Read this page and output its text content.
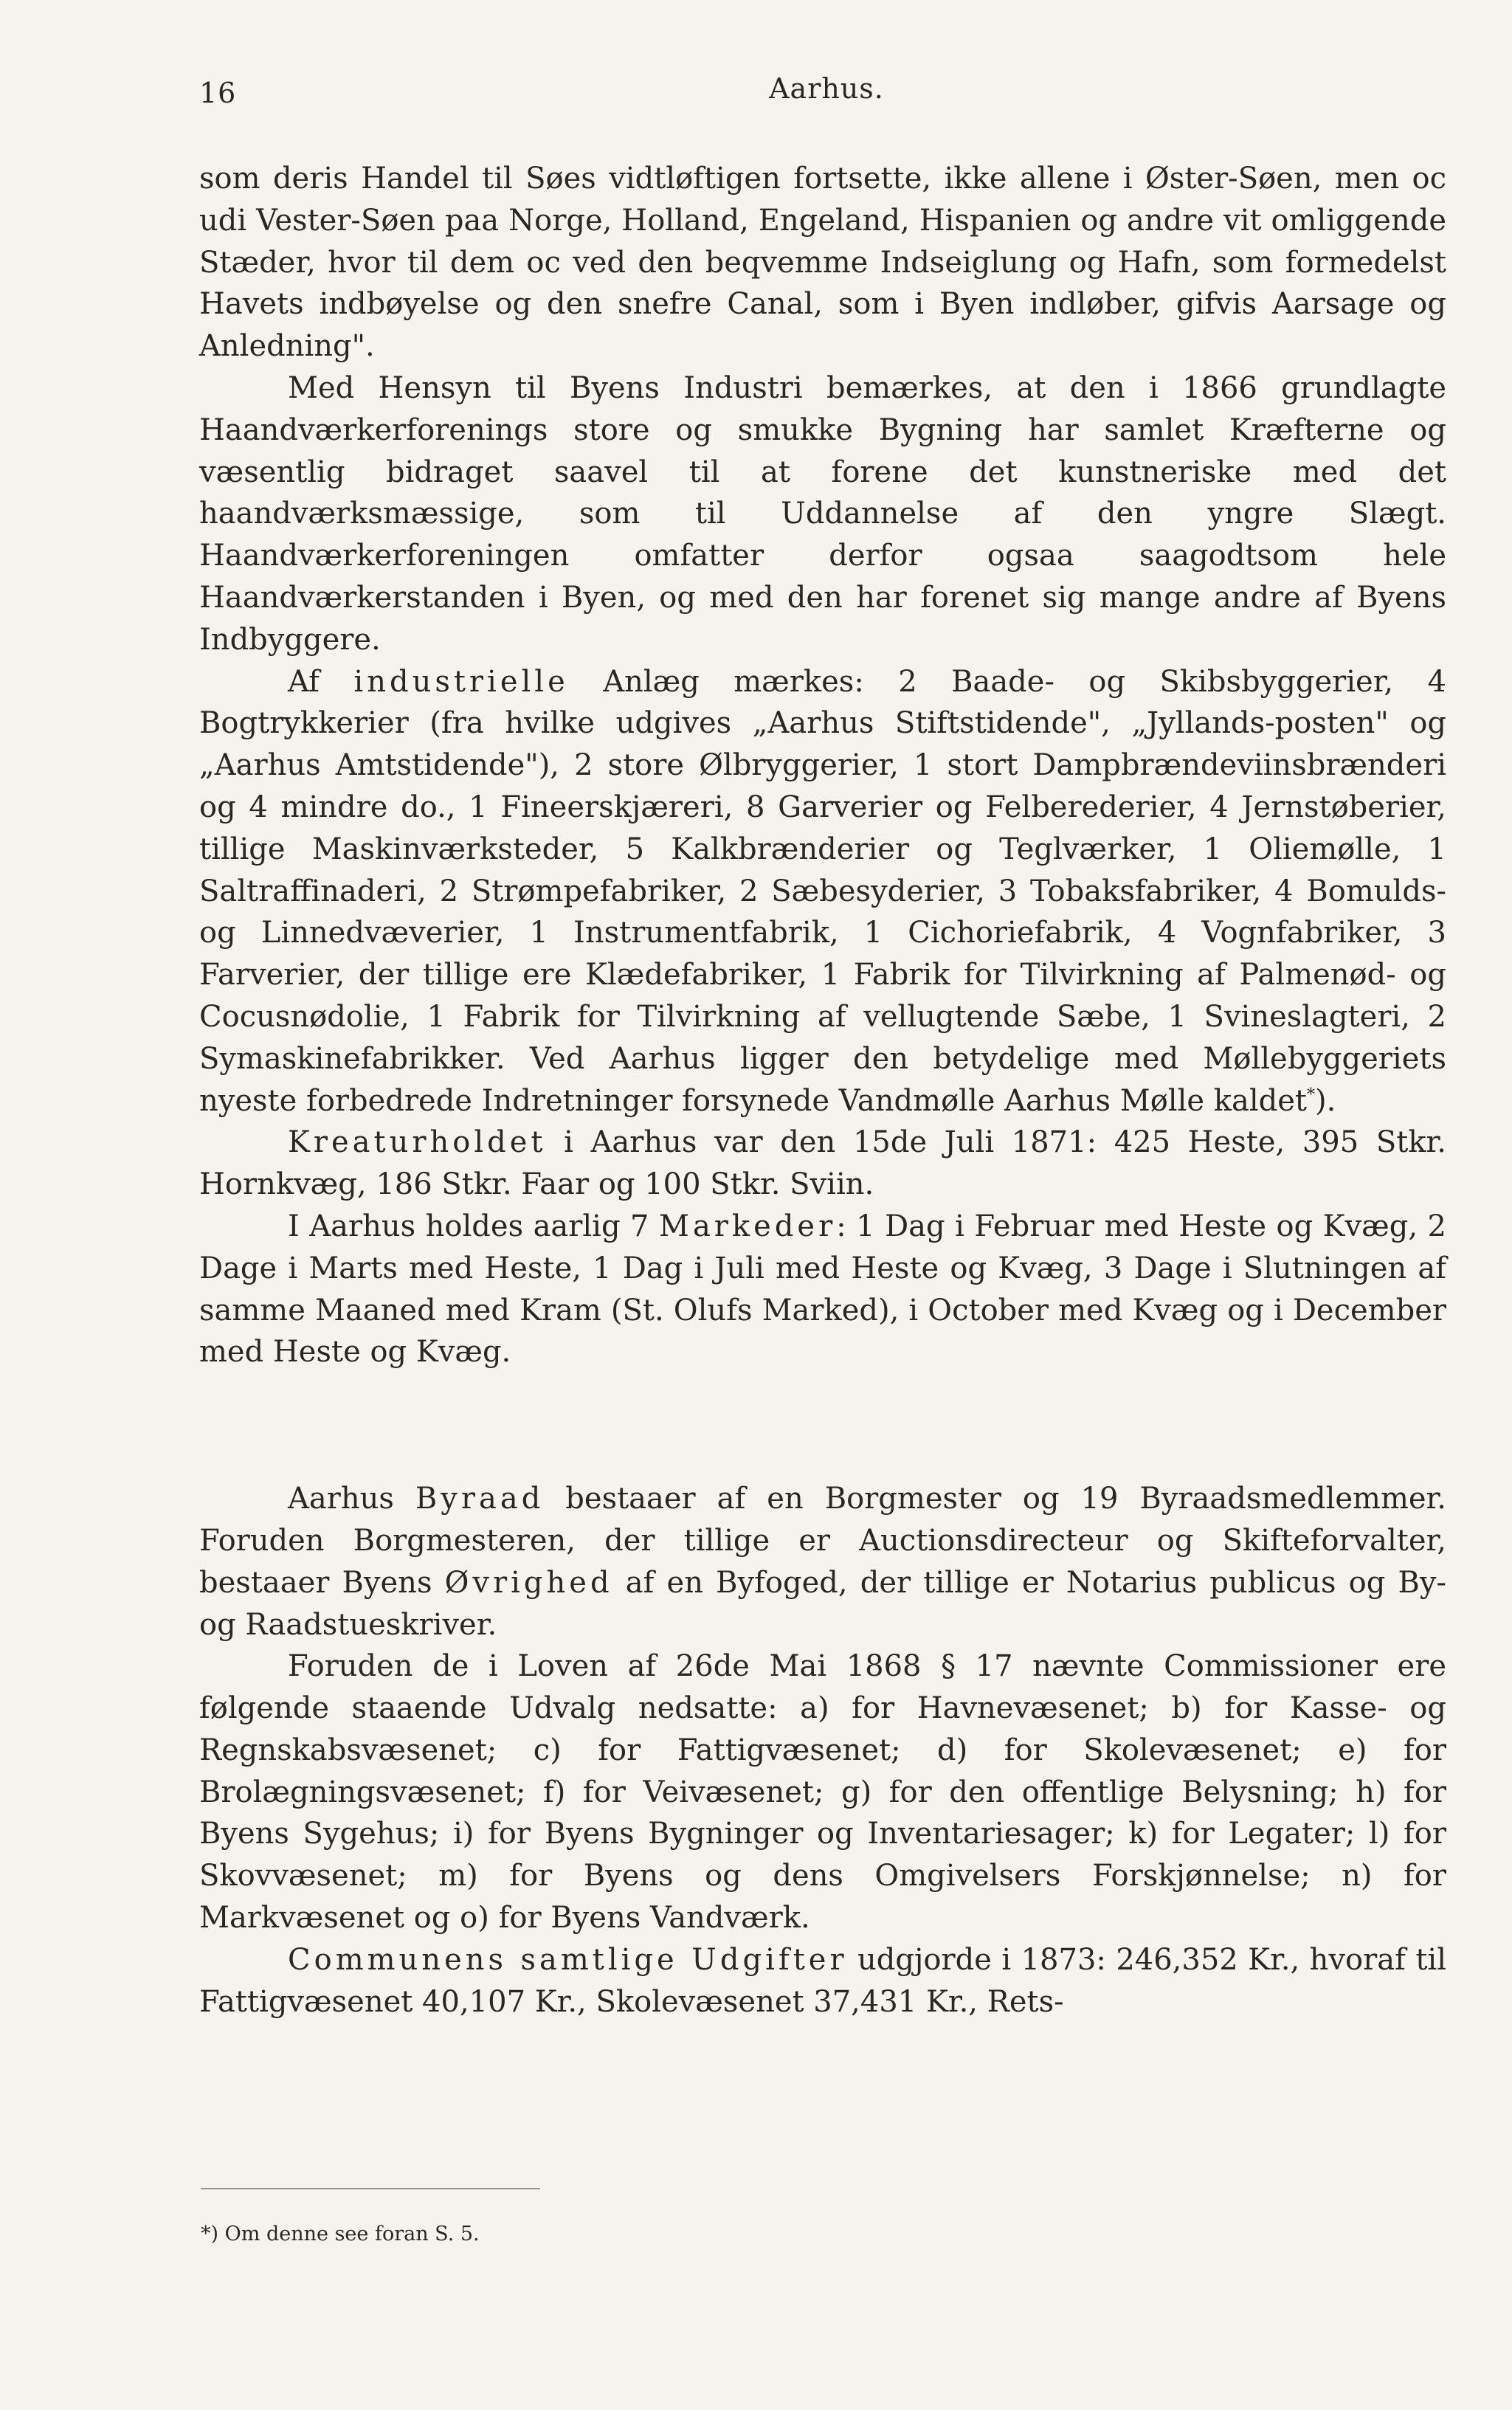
16	Aarhus.

som deris Handel til Søes vidtløftigen fortsette, ikke allene i Øster-Søen, men oc udi Vester-Søen paa Norge, Holland, Engeland, Hispanien og andre vit omliggende Stæder, hvor til dem oc ved den beqvemme Indseiglung og Hafn, som formedelst Havets indbøyelse og den snefre Canal, som i Byen indløber, gifvis Aarsage og Anledning".

Med Hensyn til Byens Industri bemærkes, at den i 1866 grundlagte Haandværkerforenings store og smukke Bygning har samlet Kræfterne og væsentlig bidraget saavel til at forene det kunstneriske med det haandværksmæssige, som til Uddannelse af den yngre Slægt. Haandværkerforeningen omfatter derfor ogsaa saagodtsom hele Haandværkerstanden i Byen, og med den har forenet sig mange andre af Byens Indbyggere.

Af industrielle Anlæg mærkes: 2 Baade- og Skibsbyggerier, 4 Bogtrykkerier (fra hvilke udgives „Aarhus Stiftstidende", „Jyllands-posten" og „Aarhus Amtstidende"), 2 store Ølbryggerier, 1 stort Dampbrændeviinsbrænderi og 4 mindre do., 1 Fineerskjæreri, 8 Garverier og Felberederier, 4 Jernstøberier, tillige Maskinværksteder, 5 Kalkbrænderier og Teglværker, 1 Oliemølle, 1 Saltraffinaderi, 2 Strømpefabriker, 2 Sæbesyderier, 3 Tobaksfabriker, 4 Bomulds- og Linnedvæverier, 1 Instrumentfabrik, 1 Cichoriefabrik, 4 Vognfabriker, 3 Farverier, der tillige ere Klædefabriker, 1 Fabrik for Tilvirkning af Palmenød- og Cocusnødolie, 1 Fabrik for Tilvirkning af vellugtende Sæbe, 1 Svineslagteri, 2 Symaskinefabrikker. Ved Aarhus ligger den betydelige med Møllebyggeriets nyeste forbedrede Indretninger forsynede Vandmølle Aarhus Mølle kaldet*).

Kreaturholdet i Aarhus var den 15de Juli 1871: 425 Heste, 395 Stkr. Hornkvæg, 186 Stkr. Faar og 100 Stkr. Sviin.

I Aarhus holdes aarlig 7 Markeder: 1 Dag i Februar med Heste og Kvæg, 2 Dage i Marts med Heste, 1 Dag i Juli med Heste og Kvæg, 3 Dage i Slutningen af samme Maaned med Kram (St. Olufs Marked), i October med Kvæg og i December med Heste og Kvæg.

Aarhus Byraad bestaaer af en Borgmester og 19 Byraadsmedlemmer. Foruden Borgmesteren, der tillige er Auctionsdirecteur og Skifteforvalter, bestaaer Byens Øvrighed af en Byfoged, der tillige er Notarius publicus og By- og Raadstueskriver.

Foruden de i Loven af 26de Mai 1868 § 17 nævnte Commissioner ere følgende staaende Udvalg nedsatte: a) for Havnevæsenet; b) for Kasse- og Regnskabsvæsenet; c) for Fattigvæsenet; d) for Skolevæsenet; e) for Brolægningsvæsenet; f) for Veivæsenet; g) for den offentlige Belysning; h) for Byens Sygehus; i) for Byens Bygninger og Inventariesager; k) for Legater; l) for Skovvæsenet; m) for Byens og dens Omgivelsers Forskjønnelse; n) for Markvæsenet og o) for Byens Vandværk.

Communens samtlige Udgifter udgjorde i 1873: 246,352 Kr., hvoraf til Fattigvæsenet 40,107 Kr., Skolevæsenet 37,431 Kr., Rets-

*) Om denne see foran S. 5.
